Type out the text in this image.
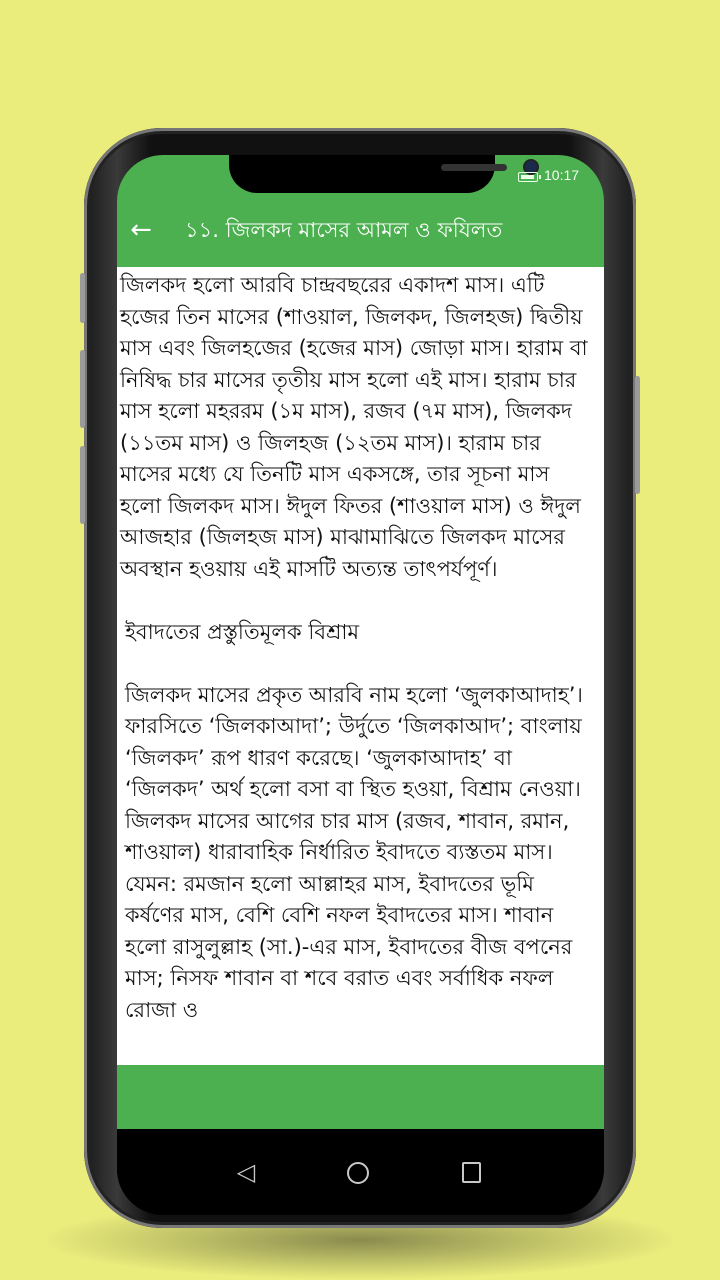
10:17
←	১১. জিলকদ মাসের আমল ও ফযিলত

জিলকদ হলো আরবি চান্দ্রবছরের একাদশ মাস। এটি হজের তিন মাসের (শাওয়াল, জিলকদ, জিলহজ) দ্বিতীয় মাস এবং জিলহজের (হজের মাস) জোড়া মাস। হারাম বা নিষিদ্ধ চার মাসের তৃতীয় মাস হলো এই মাস। হারাম চার মাস হলো মহররম (১ম মাস), রজব (৭ম মাস), জিলকদ (১১তম মাস) ও জিলহজ (১২তম মাস)। হারাম চার মাসের মধ্যে যে তিনটি মাস একসঙ্গে, তার সূচনা মাস হলো জিলকদ মাস। ঈদুল ফিতর (শাওয়াল মাস) ও ঈদুল আজহার (জিলহজ মাস) মাঝামাঝিতে জিলকদ মাসের অবস্থান হওয়ায় এই মাসটি অত্যন্ত তাৎপর্যপূর্ণ।

ইবাদতের প্রস্তুতিমূলক বিশ্রাম

জিলকদ মাসের প্রকৃত আরবি নাম হলো ‘জুলকাআদাহ’। ফারসিতে ‘জিলকাআদা’; উর্দুতে ‘জিলকাআদ’; বাংলায় ‘জিলকদ’ রূপ ধারণ করেছে। ‘জুলকাআদাহ’ বা ‘জিলকদ’ অর্থ হলো বসা বা স্থিত হওয়া, বিশ্রাম নেওয়া। জিলকদ মাসের আগের চার মাস (রজব, শাবান, রমান, শাওয়াল) ধারাবাহিক নির্ধারিত ইবাদতে ব্যস্ততম মাস। যেমন: রমজান হলো আল্লাহর মাস, ইবাদতের ভূমি কর্ষণের মাস, বেশি বেশি নফল ইবাদতের মাস। শাবান হলো রাসুলুল্লাহ (সা.)-এর মাস, ইবাদতের বীজ বপনের মাস; নিসফ শাবান বা শবে বরাত এবং সর্বাধিক নফল রোজা ও

◁
